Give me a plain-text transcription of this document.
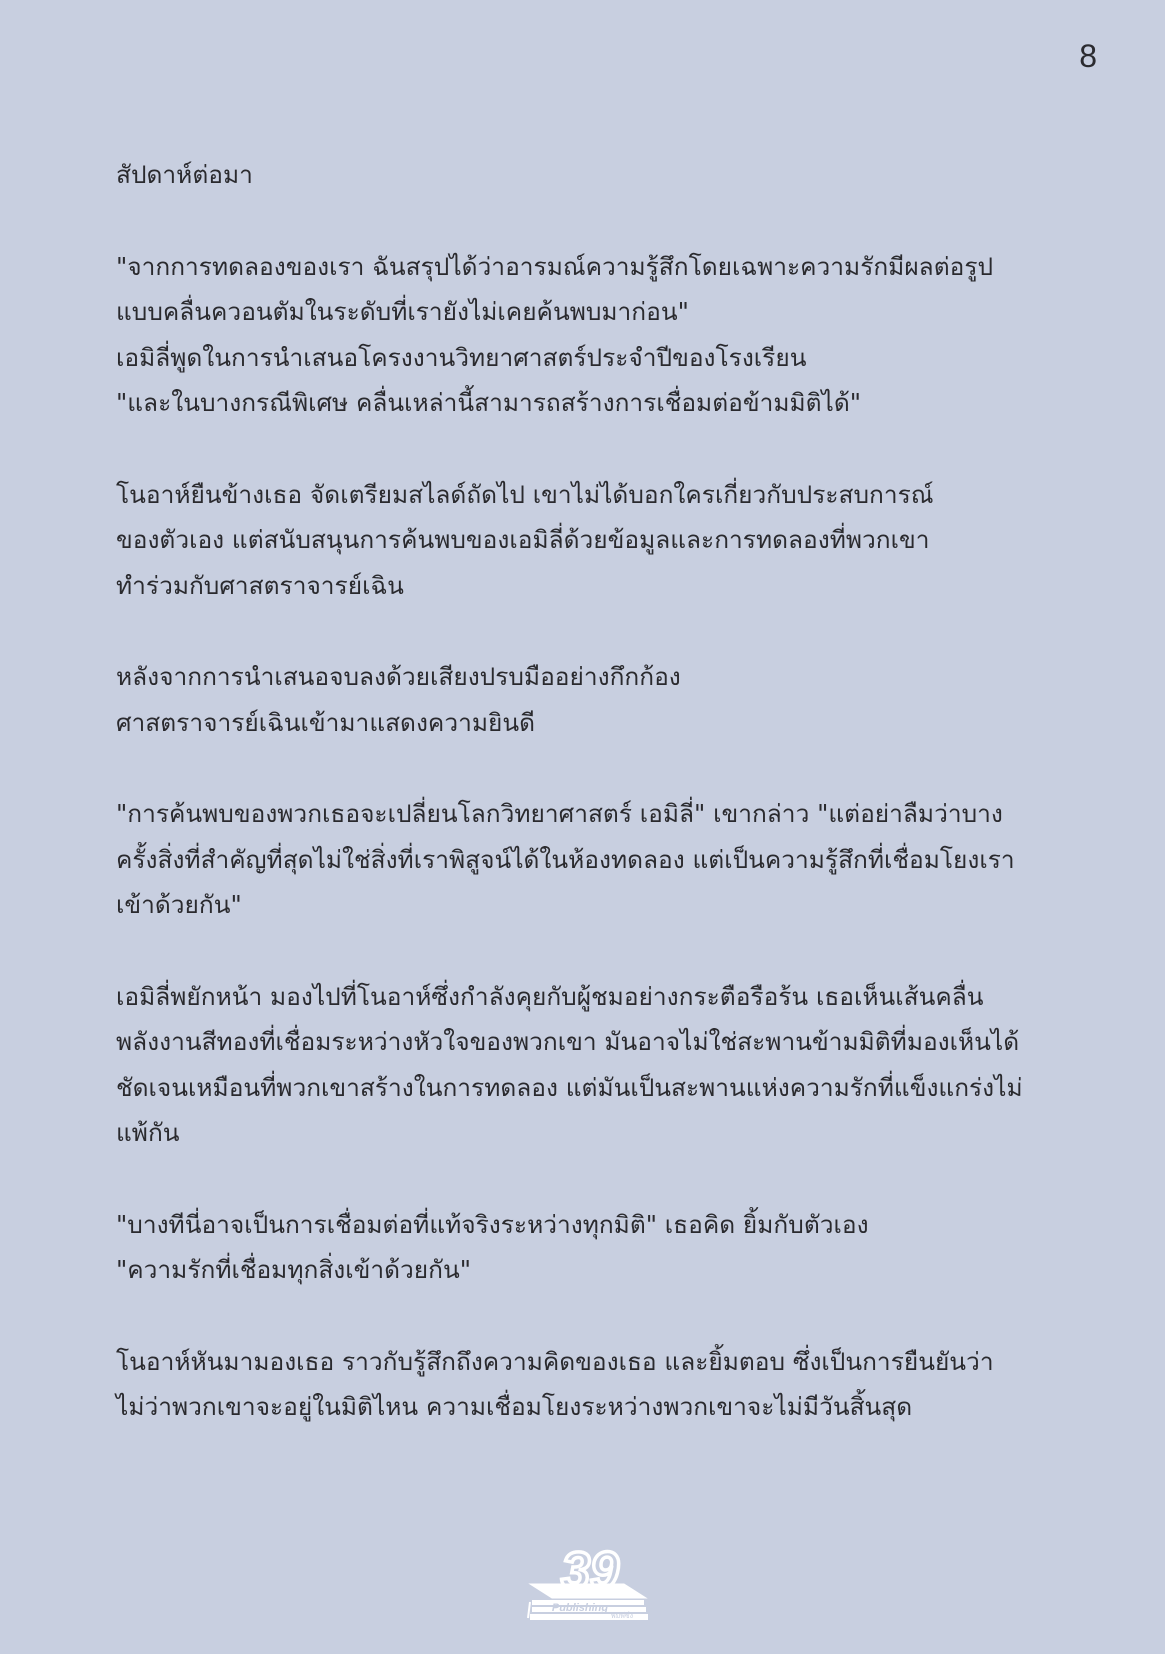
8
สัปดาห์ต่อมา
"จากการทดลองของเรา ฉันสรุปได้ว่าอารมณ์ความรู้สึกโดยเฉพาะความรักมีผลต่อรูป
แบบคลื่นควอนตัมในระดับที่เรายังไม่เคยค้นพบมาก่อน"
เอมิลี่พูดในการนำเสนอโครงงานวิทยาศาสตร์ประจำปีของโรงเรียน
"และในบางกรณีพิเศษ คลื่นเหล่านี้สามารถสร้างการเชื่อมต่อข้ามมิติได้"
โนอาห์ยืนข้างเธอ จัดเตรียมสไลด์ถัดไป เขาไม่ได้บอกใครเกี่ยวกับประสบการณ์
ของตัวเอง แต่สนับสนุนการค้นพบของเอมิลี่ด้วยข้อมูลและการทดลองที่พวกเขา
ทำร่วมกับศาสตราจารย์เฉิน
หลังจากการนำเสนอจบลงด้วยเสียงปรบมืออย่างกึกก้อง
ศาสตราจารย์เฉินเข้ามาแสดงความยินดี
"การค้นพบของพวกเธอจะเปลี่ยนโลกวิทยาศาสตร์ เอมิลี่" เขากล่าว "แต่อย่าลืมว่าบาง
ครั้งสิ่งที่สำคัญที่สุดไม่ใช่สิ่งที่เราพิสูจน์ได้ในห้องทดลอง แต่เป็นความรู้สึกที่เชื่อมโยงเรา
เข้าด้วยกัน"
เอมิลี่พยักหน้า มองไปที่โนอาห์ซึ่งกำลังคุยกับผู้ชมอย่างกระตือรือร้น เธอเห็นเส้นคลื่น
พลังงานสีทองที่เชื่อมระหว่างหัวใจของพวกเขา มันอาจไม่ใช่สะพานข้ามมิติที่มองเห็นได้
ชัดเจนเหมือนที่พวกเขาสร้างในการทดลอง แต่มันเป็นสะพานแห่งความรักที่แข็งแกร่งไม่
แพ้กัน
"บางทีนี่อาจเป็นการเชื่อมต่อที่แท้จริงระหว่างทุกมิติ" เธอคิด ยิ้มกับตัวเอง
"ความรักที่เชื่อมทุกสิ่งเข้าด้วยกัน"
โนอาห์หันมามองเธอ ราวกับรู้สึกถึงความคิดของเธอ และยิ้มตอบ ซึ่งเป็นการยืนยันว่า
ไม่ว่าพวกเขาจะอยู่ในมิติไหน ความเชื่อมโยงระหว่างพวกเขาจะไม่มีวันสิ้นสุด
39
Publishing
พิมพ์ซึ่ง
